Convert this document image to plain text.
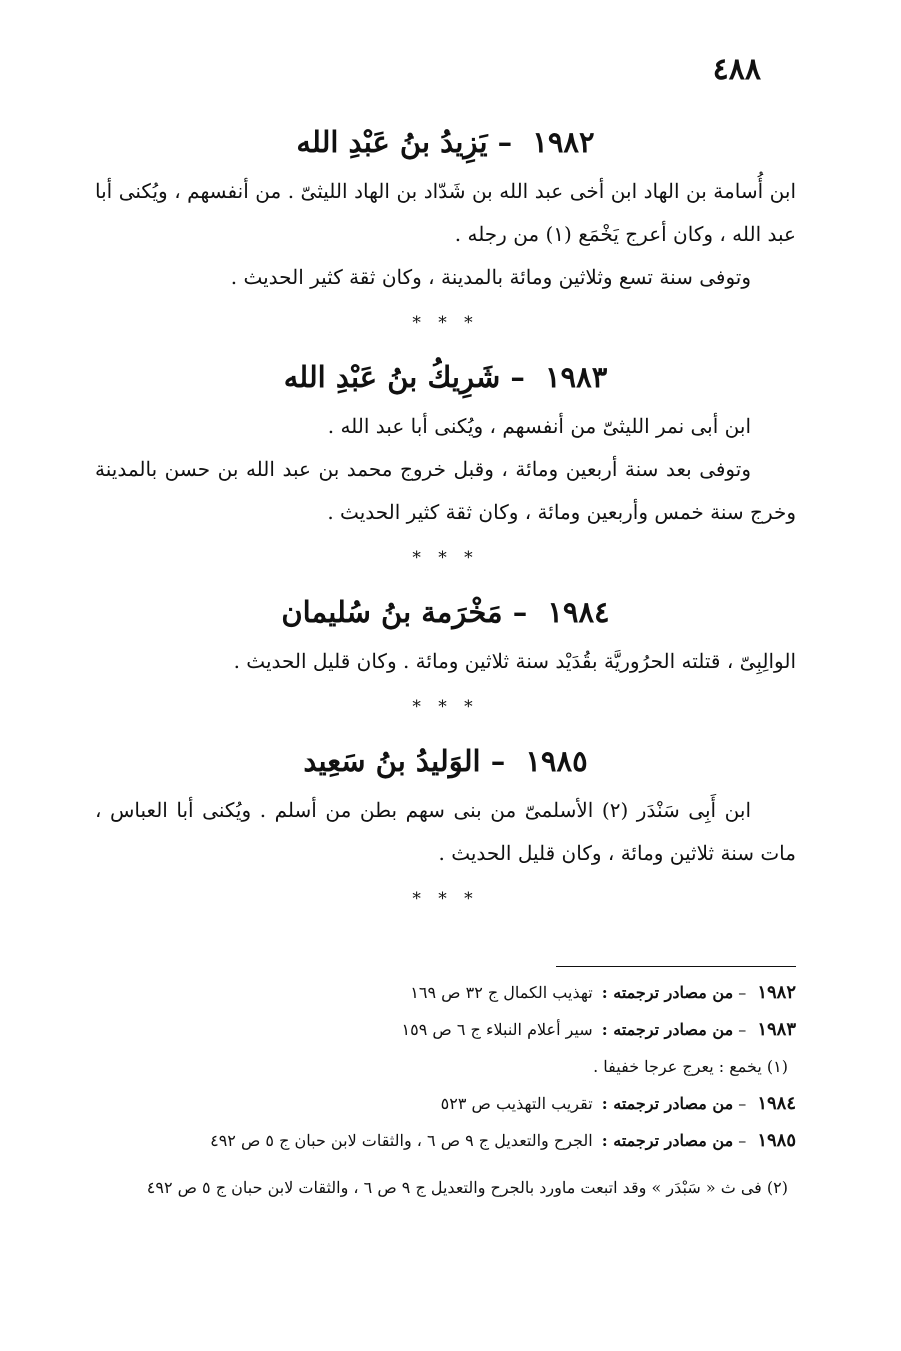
٤٨٨
١٩٨٢ – يَزِيدُ بنُ عَبْدِ الله

ابن أُسامة بن الهاد ابن أخى عبد الله بن شَدّاد بن الهاد الليثىّ . من أنفسهم ، ويُكنى أبا عبد الله ، وكان أعرج يَخْمَع (١) من رجله .

وتوفى سنة تسع وثلاثين ومائة بالمدينة ، وكان ثقة كثير الحديث .

* * *
١٩٨٣ – شَرِيكُ بنُ عَبْدِ الله

ابن أبى نمر الليثىّ من أنفسهم ، ويُكنى أبا عبد الله .

وتوفى بعد سنة أربعين ومائة ، وقبل خروج محمد بن عبد الله بن حسن بالمدينة وخرج سنة خمس وأربعين ومائة ، وكان ثقة كثير الحديث .

* * *
١٩٨٤ – مَخْرَمة بنُ سُليمان

الوالِبِىّ ، قتلته الحرُوريَّة بقُدَيْد سنة ثلاثين ومائة . وكان قليل الحديث .

* * *
١٩٨٥ – الوَليدُ بنُ سَعِيد

ابن أَبِى سَنْدَر (٢) الأسلمىّ من بنى سهم بطن من أسلم . ويُكنى أبا العباس ، مات سنة ثلاثين ومائة ، وكان قليل الحديث .

* * *

١٩٨٢ – من مصادر ترجمته : تهذيب الكمال ج ٣٢ ص ١٦٩

١٩٨٣ – من مصادر ترجمته : سير أعلام النبلاء ج ٦ ص ١٥٩

(١) يخمع : يعرج عرجا خفيفا .

١٩٨٤ – من مصادر ترجمته : تقريب التهذيب ص ٥٢٣

١٩٨٥ – من مصادر ترجمته : الجرح والتعديل ج ٩ ص ٦ ، والثقات لابن حبان ج ٥ ص ٤٩٢

(٢) فى ث « سَبْدَر » وقد اتبعت ماورد بالجرح والتعديل ج ٩ ص ٦ ، والثقات لابن حبان ج ٥ ص ٤٩٢
